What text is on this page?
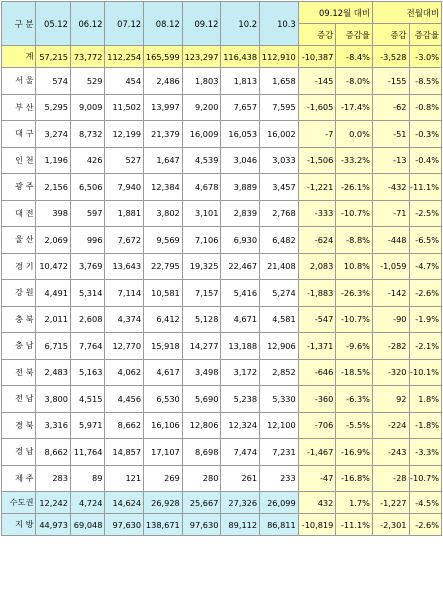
구 분	05.12	06.12	07.12	08.12	09.12	10.2	10.3	09.12월 대비		전월대비	
								증감	증감율	증감	증감율
계	57,215	73,772	112,254	165,599	123,297	116,438	112,910	-10,387	-8.4%	-3,528	-3.0%
서 울	574	529	454	2,486	1,803	1,813	1,658	-145	-8.0%	-155	-8.5%
부 산	5,295	9,009	11,502	13,997	9,200	7,657	7,595	-1,605	-17.4%	-62	-0.8%
대 구	3,274	8,732	12,199	21,379	16,009	16,053	16,002	-7	0.0%	-51	-0.3%
인 천	1,196	426	527	1,647	4,539	3,046	3,033	-1,506	-33.2%	-13	-0.4%
광 주	2,156	6,506	7,940	12,384	4,678	3,889	3,457	-1,221	-26.1%	-432	-11.1%
대 전	398	597	1,881	3,802	3,101	2,839	2,768	-333	-10.7%	-71	-2.5%
울 산	2,069	996	7,672	9,569	7,106	6,930	6,482	-624	-8.8%	-448	-6.5%
경 기	10,472	3,769	13,643	22,795	19,325	22,467	21,408	2,083	10.8%	-1,059	-4.7%
강 원	4,491	5,314	7,114	10,581	7,157	5,416	5,274	-1,883	-26.3%	-142	-2.6%
충 북	2,011	2,608	4,374	6,412	5,128	4,671	4,581	-547	-10.7%	-90	-1.9%
충 남	6,715	7,764	12,770	15,918	14,277	13,188	12,906	-1,371	-9.6%	-282	-2.1%
전 북	2,483	5,163	4,062	4,617	3,498	3,172	2,852	-646	-18.5%	-320	-10.1%
전 남	3,800	4,515	4,456	6,530	5,690	5,238	5,330	-360	-6.3%	92	1.8%
경 북	3,316	5,971	8,662	16,106	12,806	12,324	12,100	-706	-5.5%	-224	-1.8%
경 남	8,662	11,764	14,857	17,107	8,698	7,474	7,231	-1,467	-16.9%	-243	-3.3%
제 주	283	89	121	269	280	261	233	-47	-16.8%	-28	-10.7%
수도권	12,242	4,724	14,624	26,928	25,667	27,326	26,099	432	1.7%	-1,227	-4.5%
지 방	44,973	69,048	97,630	138,671	97,630	89,112	86,811	-10,819	-11.1%	-2,301	-2.6%
